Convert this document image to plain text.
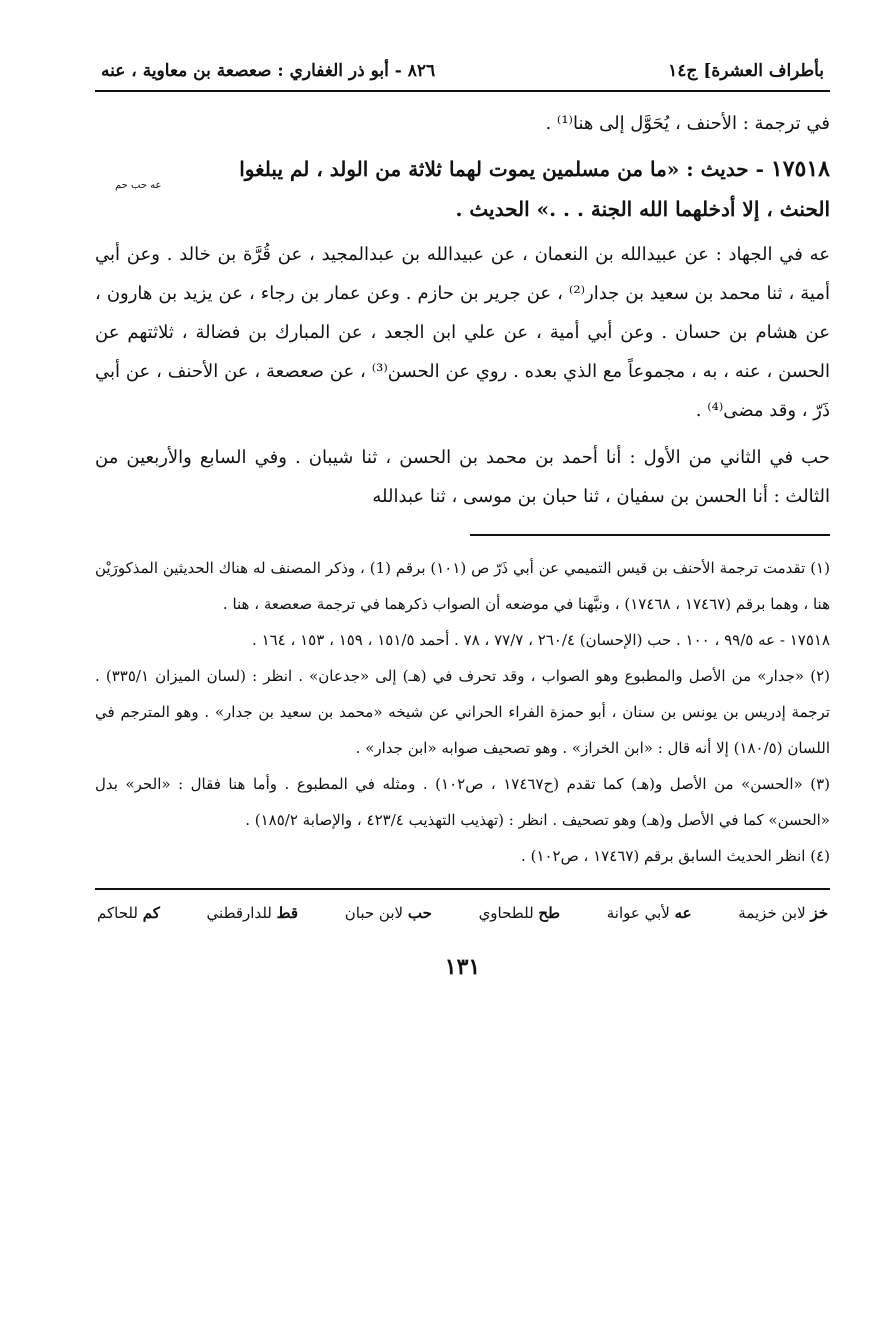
بأطراف العشرة] ج١٤
٨٢٦ - أبو ذر الغفاري : صعصعة بن معاوية ، عنه

في ترجمة : الأحنف ، يُحَوَّل إلى هنا⁽¹⁾ .

١٧٥١٨ - حديث : «ما من مسلمين يموت لهما ثلاثة من الولد ، لم يبلغوا
عه حب حم
الحنث ، إلا أدخلهما الله الجنة . . .» الحديث .

عه في الجهاد : عن عبيدالله بن النعمان ، عن عبيدالله بن عبدالمجيد ، عن قُرَّة بن خالد . وعن أبي أمية ، ثنا محمد بن سعيد بن جدار⁽²⁾ ، عن جرير بن حازم . وعن عمار بن رجاء ، عن يزيد بن هارون ، عن هشام بن حسان . وعن أبي أمية ، عن علي ابن الجعد ، عن المبارك بن فضالة ، ثلاثتهم عن الحسن ، عنه ، به ، مجموعاً مع الذي بعده . روي عن الحسن⁽³⁾ ، عن صعصعة ، عن الأحنف ، عن أبي ذَرّ ، وقد مضى⁽⁴⁾ .

حب في الثاني من الأول : أنا أحمد بن محمد بن الحسن ، ثنا شيبان . وفي السابع والأربعين من الثالث : أنا الحسن بن سفيان ، ثنا حبان بن موسى ، ثنا عبدالله

(١) تقدمت ترجمة الأحنف بن قيس التميمي عن أبي ذَرّ ص (١٠١) برقم (1) ، وذكر المصنف له هناك الحديثين المذكورَيْن هنا ، وهما برقم (١٧٤٦٧ ، ١٧٤٦٨) ، ونبَّهنا في موضعه أن الصواب ذكرهما في ترجمة صعصعة ، هنا .

١٧٥١٨ - عه ٩٩/٥ ، ١٠٠ . حب (الإحسان) ٢٦٠/٤ ، ٧٧/٧ ، ٧٨ . أحمد ١٥١/٥ ، ١٥٩ ، ١٥٣ ، ١٦٤ .

(٢) «جدار» من الأصل والمطبوع وهو الصواب ، وقد تحرف في (هـ) إلى «جدعان» . انظر : (لسان الميزان ٣٣٥/١) . ترجمة إدريس بن يونس بن سنان ، أبو حمزة الفراء الحراني عن شيخه «محمد بن سعيد بن جدار» . وهو المترجم في اللسان (١٨٠/٥) إلا أنه قال : «ابن الخراز» . وهو تصحيف صوابه «ابن جدار» .

(٣) «الحسن» من الأصل و(هـ) كما تقدم (ح١٧٤٦٧ ، ص١٠٢) . ومثله في المطبوع . وأما هنا فقال : «الحر» بدل «الحسن» كما في الأصل و(هـ) وهو تصحيف . انظر : (تهذيب التهذيب ٤٢٣/٤ ، والإصابة ١٨٥/٢) .

(٤) انظر الحديث السابق برقم (١٧٤٦٧ ، ص١٠٢) .

خز لابن خزيمة
عه لأبي عوانة
طح للطحاوي
حب لابن حبان
قط للدارقطني
كم للحاكم
١٣١
